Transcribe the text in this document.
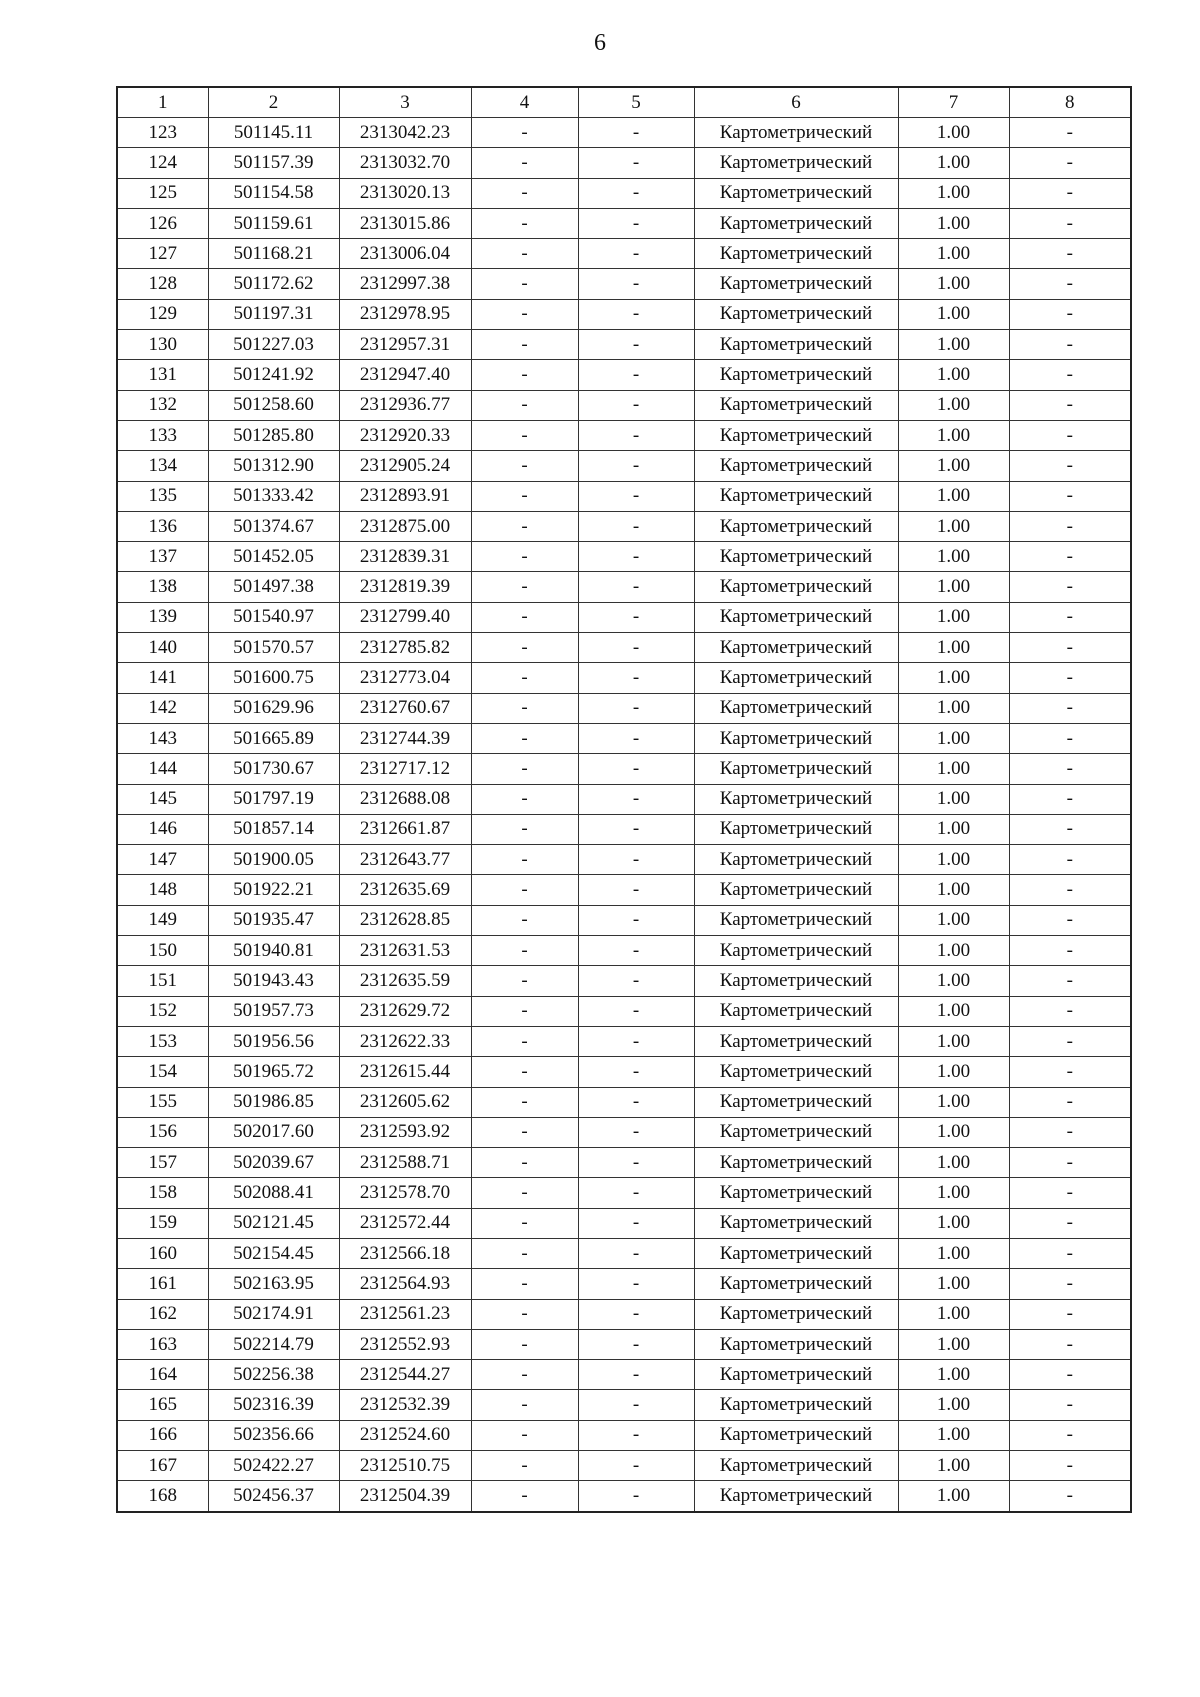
6
1	2	3	4	5	6	7	8
123	501145.11	2313042.23	-	-	Картометрический	1.00	-
124	501157.39	2313032.70	-	-	Картометрический	1.00	-
125	501154.58	2313020.13	-	-	Картометрический	1.00	-
126	501159.61	2313015.86	-	-	Картометрический	1.00	-
127	501168.21	2313006.04	-	-	Картометрический	1.00	-
128	501172.62	2312997.38	-	-	Картометрический	1.00	-
129	501197.31	2312978.95	-	-	Картометрический	1.00	-
130	501227.03	2312957.31	-	-	Картометрический	1.00	-
131	501241.92	2312947.40	-	-	Картометрический	1.00	-
132	501258.60	2312936.77	-	-	Картометрический	1.00	-
133	501285.80	2312920.33	-	-	Картометрический	1.00	-
134	501312.90	2312905.24	-	-	Картометрический	1.00	-
135	501333.42	2312893.91	-	-	Картометрический	1.00	-
136	501374.67	2312875.00	-	-	Картометрический	1.00	-
137	501452.05	2312839.31	-	-	Картометрический	1.00	-
138	501497.38	2312819.39	-	-	Картометрический	1.00	-
139	501540.97	2312799.40	-	-	Картометрический	1.00	-
140	501570.57	2312785.82	-	-	Картометрический	1.00	-
141	501600.75	2312773.04	-	-	Картометрический	1.00	-
142	501629.96	2312760.67	-	-	Картометрический	1.00	-
143	501665.89	2312744.39	-	-	Картометрический	1.00	-
144	501730.67	2312717.12	-	-	Картометрический	1.00	-
145	501797.19	2312688.08	-	-	Картометрический	1.00	-
146	501857.14	2312661.87	-	-	Картометрический	1.00	-
147	501900.05	2312643.77	-	-	Картометрический	1.00	-
148	501922.21	2312635.69	-	-	Картометрический	1.00	-
149	501935.47	2312628.85	-	-	Картометрический	1.00	-
150	501940.81	2312631.53	-	-	Картометрический	1.00	-
151	501943.43	2312635.59	-	-	Картометрический	1.00	-
152	501957.73	2312629.72	-	-	Картометрический	1.00	-
153	501956.56	2312622.33	-	-	Картометрический	1.00	-
154	501965.72	2312615.44	-	-	Картометрический	1.00	-
155	501986.85	2312605.62	-	-	Картометрический	1.00	-
156	502017.60	2312593.92	-	-	Картометрический	1.00	-
157	502039.67	2312588.71	-	-	Картометрический	1.00	-
158	502088.41	2312578.70	-	-	Картометрический	1.00	-
159	502121.45	2312572.44	-	-	Картометрический	1.00	-
160	502154.45	2312566.18	-	-	Картометрический	1.00	-
161	502163.95	2312564.93	-	-	Картометрический	1.00	-
162	502174.91	2312561.23	-	-	Картометрический	1.00	-
163	502214.79	2312552.93	-	-	Картометрический	1.00	-
164	502256.38	2312544.27	-	-	Картометрический	1.00	-
165	502316.39	2312532.39	-	-	Картометрический	1.00	-
166	502356.66	2312524.60	-	-	Картометрический	1.00	-
167	502422.27	2312510.75	-	-	Картометрический	1.00	-
168	502456.37	2312504.39	-	-	Картометрический	1.00	-
